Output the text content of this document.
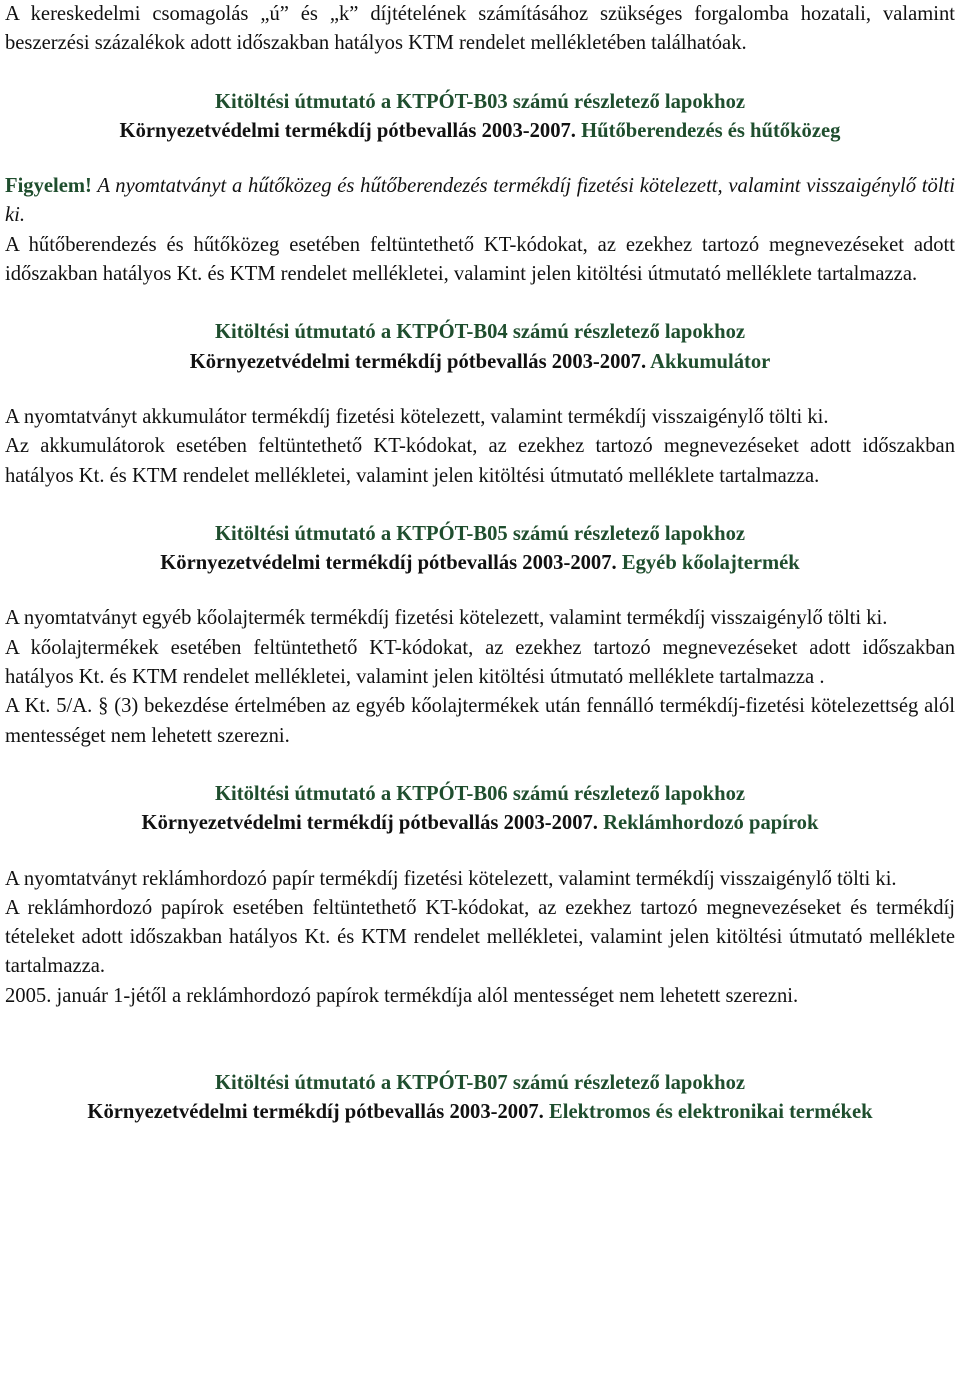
A kereskedelmi csomagolás „ú” és „k” díjtételének számításához szükséges forgalomba hozatali, valamint beszerzési százalékok adott időszakban hatályos KTM rendelet mellékletében találhatóak.

Kitöltési útmutató a KTPÓT-B03 számú részletező lapokhoz

Környezetvédelmi termékdíj pótbevallás 2003-2007. Hűtőberendezés és hűtőközeg

Figyelem! A nyomtatványt a hűtőközeg és hűtőberendezés termékdíj fizetési kötelezett, valamint visszaigénylő tölti ki.

A hűtőberendezés és hűtőközeg esetében feltüntethető KT-kódokat, az ezekhez tartozó megnevezéseket adott időszakban hatályos Kt. és KTM rendelet mellékletei, valamint jelen kitöltési útmutató melléklete tartalmazza.

Kitöltési útmutató a KTPÓT-B04 számú részletező lapokhoz

Környezetvédelmi termékdíj pótbevallás 2003-2007. Akkumulátor

A nyomtatványt akkumulátor termékdíj fizetési kötelezett, valamint termékdíj visszaigénylő tölti ki.

Az akkumulátorok esetében feltüntethető KT-kódokat, az ezekhez tartozó megnevezéseket adott időszakban hatályos Kt. és KTM rendelet mellékletei, valamint jelen kitöltési útmutató melléklete tartalmazza.

Kitöltési útmutató a KTPÓT-B05 számú részletező lapokhoz

Környezetvédelmi termékdíj pótbevallás 2003-2007. Egyéb kőolajtermék

A nyomtatványt egyéb kőolajtermék termékdíj fizetési kötelezett, valamint termékdíj visszaigénylő tölti ki.

A kőolajtermékek esetében feltüntethető KT-kódokat, az ezekhez tartozó megnevezéseket adott időszakban hatályos Kt. és KTM rendelet mellékletei, valamint jelen kitöltési útmutató melléklete tartalmazza .

A Kt. 5/A. § (3) bekezdése értelmében az egyéb kőolajtermékek után fennálló termékdíj-fizetési kötelezettség alól mentességet nem lehetett szerezni.

Kitöltési útmutató a KTPÓT-B06 számú részletező lapokhoz

Környezetvédelmi termékdíj pótbevallás 2003-2007. Reklámhordozó papírok

A nyomtatványt reklámhordozó papír termékdíj fizetési kötelezett, valamint termékdíj visszaigénylő tölti ki.

A reklámhordozó papírok esetében feltüntethető KT-kódokat, az ezekhez tartozó megnevezéseket és termékdíj tételeket adott időszakban hatályos Kt. és KTM rendelet mellékletei, valamint jelen kitöltési útmutató melléklete tartalmazza.

2005. január 1-jétől a reklámhordozó papírok termékdíja alól mentességet nem lehetett szerezni.

Kitöltési útmutató a KTPÓT-B07 számú részletező lapokhoz

Környezetvédelmi termékdíj pótbevallás 2003-2007. Elektromos és elektronikai termékek
